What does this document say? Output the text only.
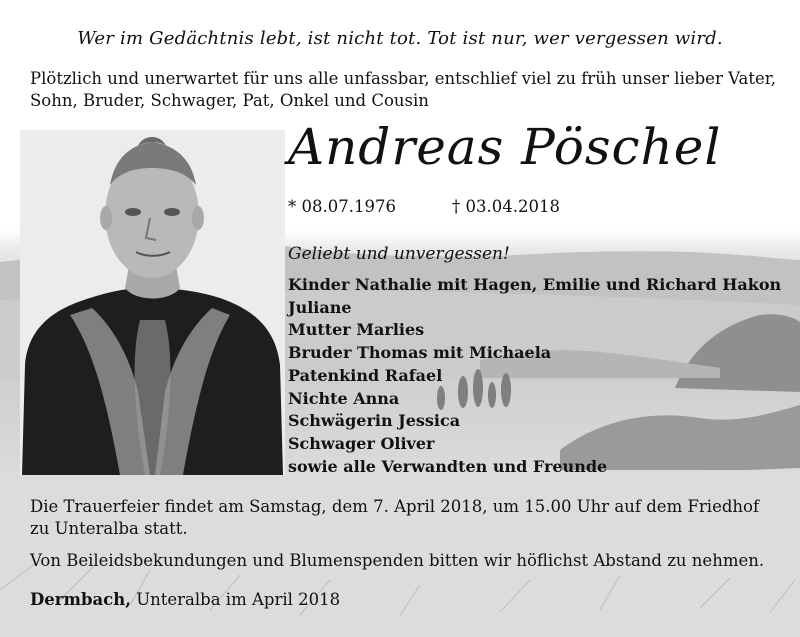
Wer im Gedächtnis lebt, ist nicht tot. Tot ist nur, wer vergessen wird.
Plötzlich und unerwartet für uns alle unfassbar, entschlief viel zu früh unser lieber Vater, Sohn, Bruder, Schwager, Pat, Onkel und Cousin
Andreas Pöschel
* 08.07.1976	† 03.04.2018
Geliebt und unvergessen!
Kinder Nathalie mit Hagen, Emilie und Richard Hakon
Juliane
Mutter Marlies
Bruder Thomas mit Michaela
Patenkind Rafael
Nichte Anna
Schwägerin Jessica
Schwager Oliver
sowie alle Verwandten und Freunde
Die Trauerfeier findet am Samstag, dem 7. April 2018, um 15.00 Uhr auf dem Friedhof zu Unteralba statt.
Von Beileidsbekundungen und Blumenspenden bitten wir höflichst Abstand zu nehmen.
Dermbach, Unteralba im April 2018
